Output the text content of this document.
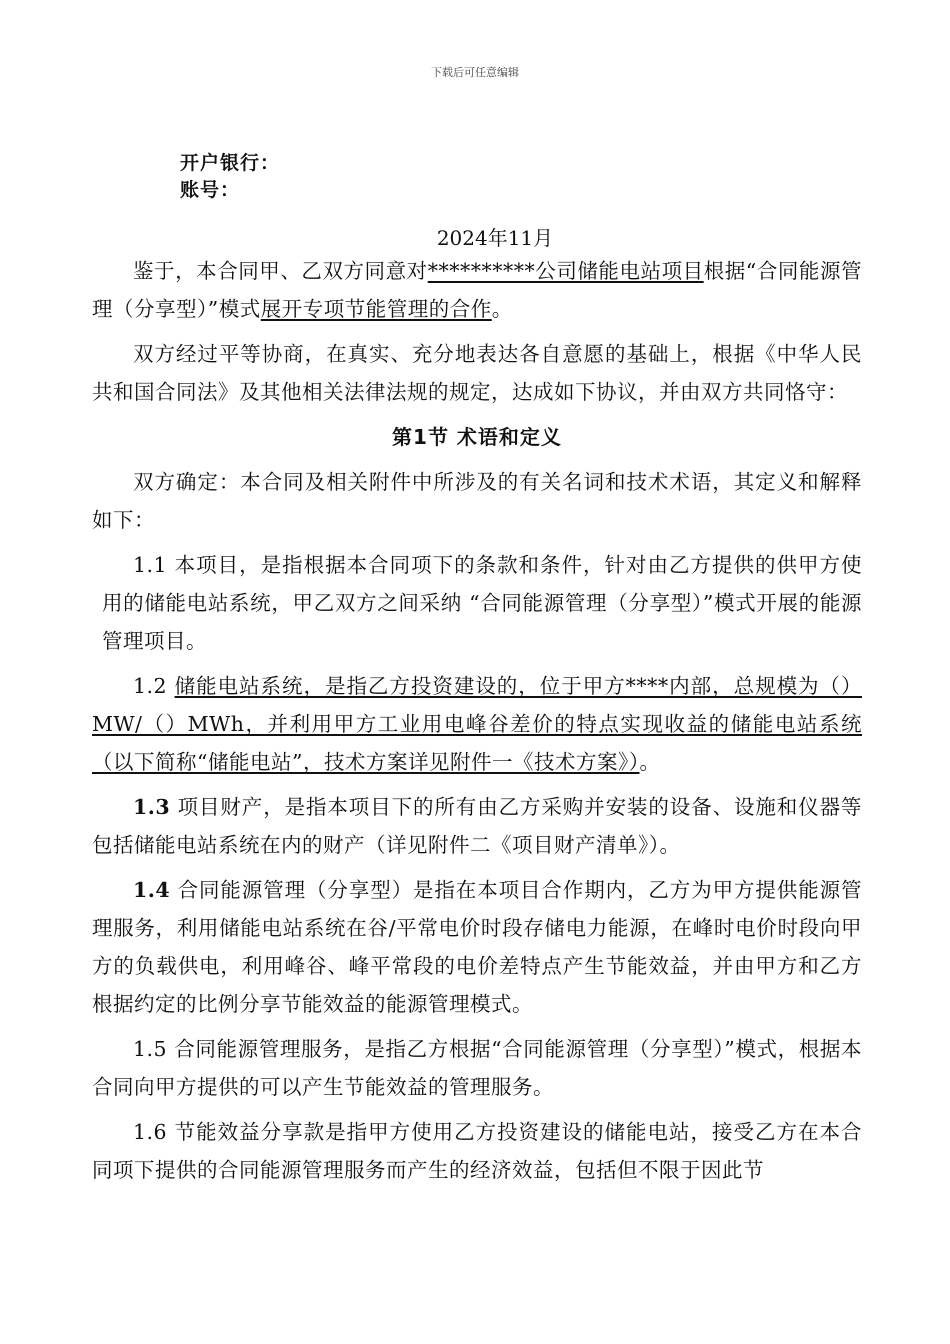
下载后可任意编辑
开户银行：
账号：
2024年11月

鉴于，本合同甲、乙双方同意对**********公司储能电站项目根据“合同能源管理（分享型）”模式展开专项节能管理的合作。

双方经过平等协商，在真实、充分地表达各自意愿的基础上，根据《中华人民共和国合同法》及其他相关法律法规的规定，达成如下协议，并由双方共同恪守：

第1节 术语和定义

双方确定：本合同及相关附件中所涉及的有关名词和技术术语，其定义和解释如下：

1.1 本项目，是指根据本合同项下的条款和条件，针对由乙方提供的供甲方使用的储能电站系统，甲乙双方之间采纳 “合同能源管理（分享型）”模式开展的能源管理项目。

1.2 储能电站系统，是指乙方投资建设的，位于甲方****内部，总规模为（）MW/（）MWh，并利用甲方工业用电峰谷差价的特点实现收益的储能电站系统（以下简称“储能电站”，技术方案详见附件一《技术方案》）。

1.3 项目财产，是指本项目下的所有由乙方采购并安装的设备、设施和仪器等包括储能电站系统在内的财产（详见附件二《项目财产清单》）。

1.4 合同能源管理（分享型）是指在本项目合作期内，乙方为甲方提供能源管理服务，利用储能电站系统在谷/平常电价时段存储电力能源，在峰时电价时段向甲方的负载供电，利用峰谷、峰平常段的电价差特点产生节能效益，并由甲方和乙方根据约定的比例分享节能效益的能源管理模式。

1.5 合同能源管理服务，是指乙方根据“合同能源管理（分享型）”模式，根据本合同向甲方提供的可以产生节能效益的管理服务。

1.6 节能效益分享款是指甲方使用乙方投资建设的储能电站，接受乙方在本合同项下提供的合同能源管理服务而产生的经济效益，包括但不限于因此节
